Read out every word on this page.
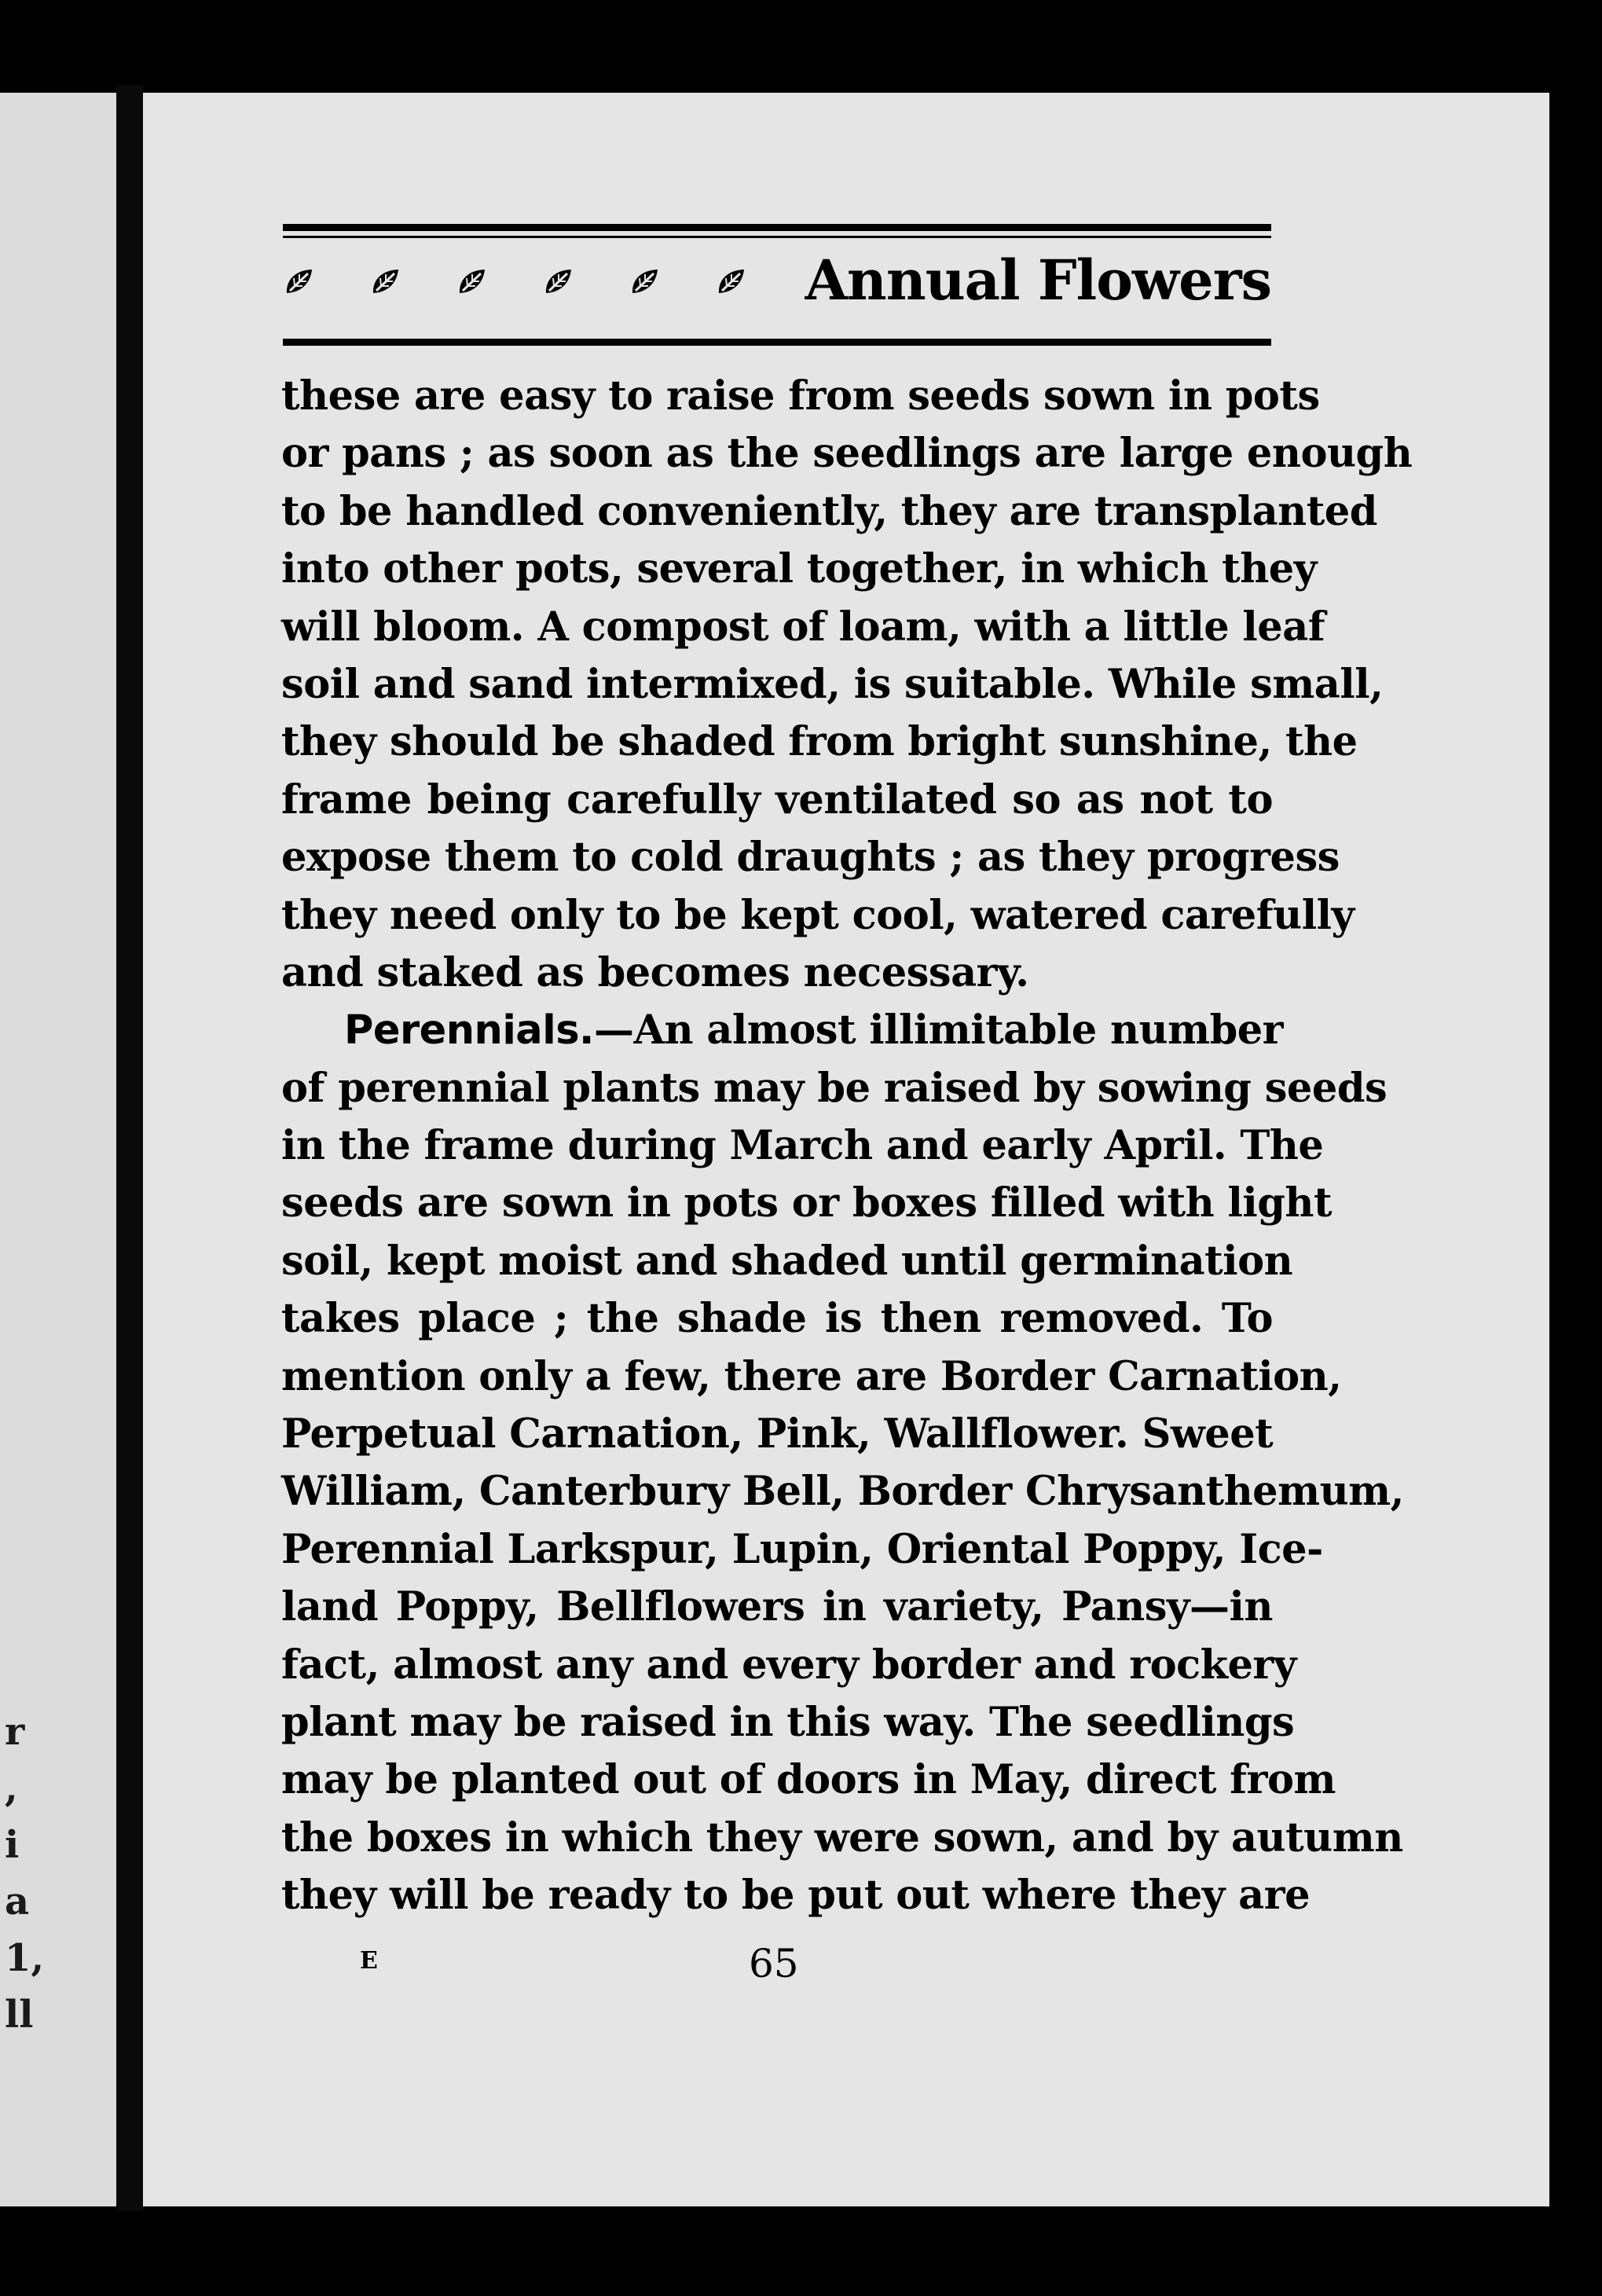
r
,
i
a
1,
ll
Annual Flowers
these are easy to raise from seeds sown in pots
or pans ; as soon as the seedlings are large enough
to be handled conveniently, they are transplanted
into other pots, several together, in which they
will bloom. A compost of loam, with a little leaf
soil and sand intermixed, is suitable. While small,
they should be shaded from bright sunshine, the
frame being carefully ventilated so as not to
expose them to cold draughts ; as they progress
they need only to be kept cool, watered carefully
and staked as becomes necessary.
Perennials.—An almost illimitable number
of perennial plants may be raised by sowing seeds
in the frame during March and early April. The
seeds are sown in pots or boxes filled with light
soil, kept moist and shaded until germination
takes place ; the shade is then removed. To
mention only a few, there are Border Carnation,
Perpetual Carnation, Pink, Wallflower. Sweet
William, Canterbury Bell, Border Chrysanthemum,
Perennial Larkspur, Lupin, Oriental Poppy, Ice-
land Poppy, Bellflowers in variety, Pansy—in
fact, almost any and every border and rockery
plant may be raised in this way. The seedlings
may be planted out of doors in May, direct from
the boxes in which they were sown, and by autumn
they will be ready to be put out where they are
E	65
